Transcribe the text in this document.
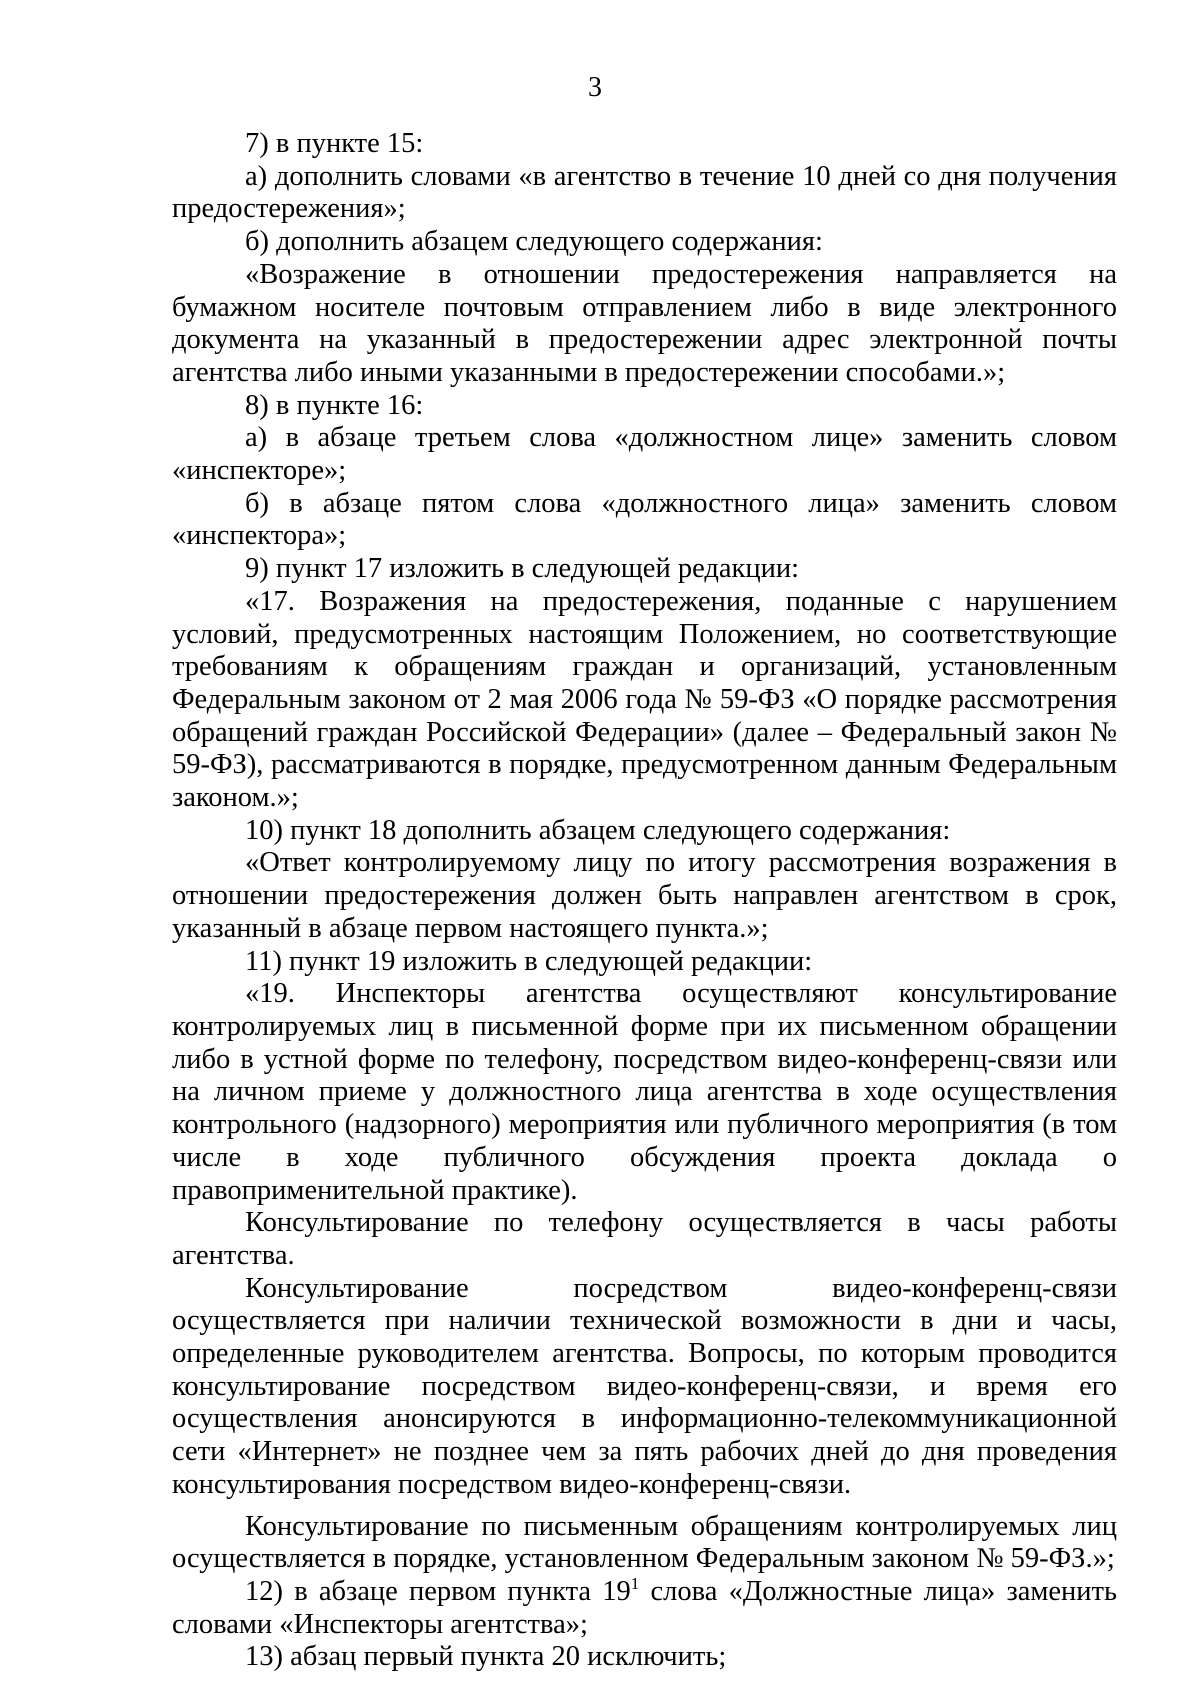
3

7) в пункте 15:

а) дополнить словами «в агентство в течение 10 дней со дня получения предостережения»;

б) дополнить абзацем следующего содержания:

«Возражение в отношении предостережения направляется на бумажном носителе почтовым отправлением либо в виде электронного документа на указанный в предостережении адрес электронной почты агентства либо иными указанными в предостережении способами.»;

8) в пункте 16:

а) в абзаце третьем слова «должностном лице» заменить словом «инспекторе»;

б) в абзаце пятом слова «должностного лица» заменить словом «инспектора»;

9) пункт 17 изложить в следующей редакции:

«17. Возражения на предостережения, поданные с нарушением условий, предусмотренных настоящим Положением, но соответствующие требованиям к обращениям граждан и организаций, установленным Федеральным законом от 2 мая 2006 года № 59-ФЗ «О порядке рассмотрения обращений граждан Российской Федерации» (далее – Федеральный закон № 59-ФЗ), рассматриваются в порядке, предусмотренном данным Федеральным законом.»;

10) пункт 18 дополнить абзацем следующего содержания:

«Ответ контролируемому лицу по итогу рассмотрения возражения в отношении предостережения должен быть направлен агентством в срок, указанный в абзаце первом настоящего пункта.»;

11) пункт 19 изложить в следующей редакции:

«19. Инспекторы агентства осуществляют консультирование контролируемых лиц в письменной форме при их письменном обращении либо в устной форме по телефону, посредством видео-конференц-связи или на личном приеме у должностного лица агентства в ходе осуществления контрольного (надзорного) мероприятия или публичного мероприятия (в том числе в ходе публичного обсуждения проекта доклада о правоприменительной практике).

Консультирование по телефону осуществляется в часы работы агентства.

Консультирование посредством видео-конференц-связи осуществляется при наличии технической возможности в дни и часы, определенные руководителем агентства. Вопросы, по которым проводится консультирование посредством видео-конференц-связи, и время его осуществления анонсируются в информационно-телекоммуникационной сети «Интернет» не позднее чем за пять рабочих дней до дня проведения консультирования посредством видео-конференц-связи.

Консультирование по письменным обращениям контролируемых лиц осуществляется в порядке, установленном Федеральным законом № 59-ФЗ.»;

12) в абзаце первом пункта $19^1$ слова «Должностные лица» заменить словами «Инспекторы агентства»;

13) абзац первый пункта 20 исключить;
